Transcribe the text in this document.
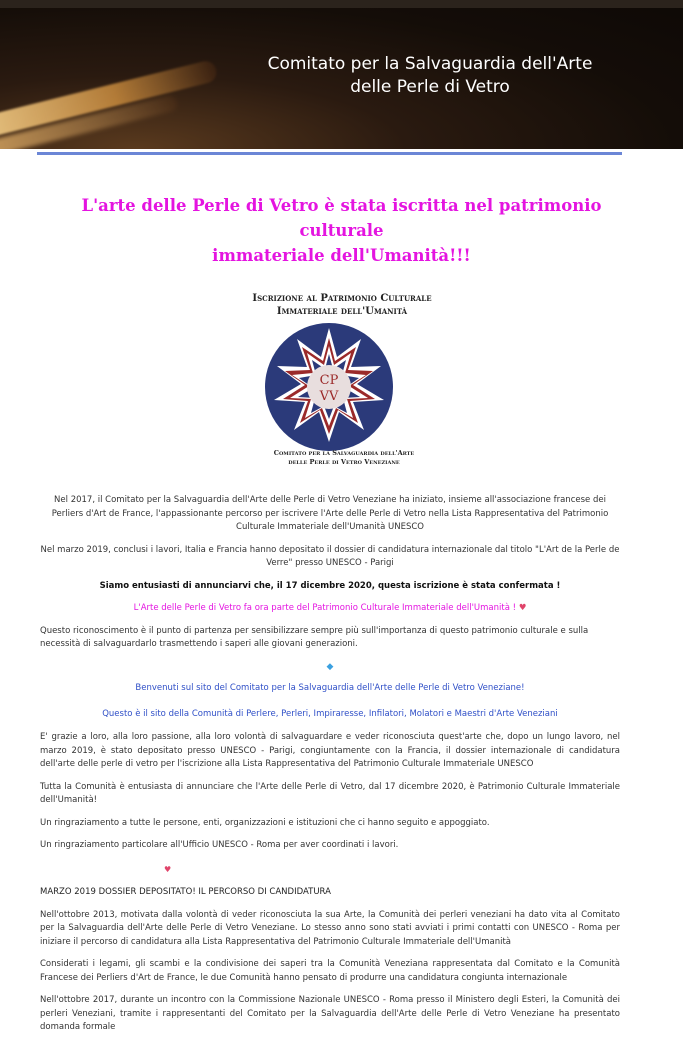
Comitato per la Salvaguardia dell'Arte
delle Perle di Vetro
L'arte delle Perle di Vetro è stata iscritta nel patrimonio culturale
immateriale dell'Umanità!!!
Iscrizione al Patrimonio Culturale
Immateriale dell'Umanità
CP
VV
Comitato per la Salvaguardia dell'Arte
delle Perle di Vetro Veneziane
Nel 2017, il Comitato per la Salvaguardia dell'Arte delle Perle di Vetro Veneziane ha iniziato, insieme all'associazione francese dei Perliers d'Art de France, l'appassionante percorso per iscrivere l'Arte delle Perle di Vetro nella Lista Rappresentativa del Patrimonio Culturale Immateriale dell'Umanità UNESCO
Nel marzo 2019, conclusi i lavori, Italia e Francia hanno depositato il dossier di candidatura internazionale dal titolo "L'Art de la Perle de Verre" presso UNESCO - Parigi
Siamo entusiasti di annunciarvi che, il 17 dicembre 2020, questa iscrizione è stata confermata !
L'Arte delle Perle di Vetro fa ora parte del Patrimonio Culturale Immateriale dell'Umanità ! ♥
Questo riconoscimento è il punto di partenza per sensibilizzare sempre più sull'importanza di questo patrimonio culturale e sulla necessità di salvaguardarlo trasmettendo i saperi alle giovani generazioni.
◆
Benvenuti sul sito del Comitato per la Salvaguardia dell'Arte delle Perle di Vetro Veneziane!
Questo è il sito della Comunità di Perlere, Perleri, Impiraresse, Infilatori, Molatori e Maestri d'Arte Veneziani
E' grazie a loro, alla loro passione, alla loro volontà di salvaguardare e veder riconosciuta quest'arte che, dopo un lungo lavoro, nel marzo 2019, è stato depositato presso UNESCO - Parigi, congiuntamente con la Francia, il dossier internazionale di candidatura dell'arte delle perle di vetro per l'iscrizione alla Lista Rappresentativa del Patrimonio Culturale Immateriale UNESCO
Tutta la Comunità è entusiasta di annunciare che l'Arte delle Perle di Vetro, dal 17 dicembre 2020, è Patrimonio Culturale Immateriale dell'Umanità!
Un ringraziamento a tutte le persone, enti, organizzazioni e istituzioni che ci hanno seguito e appoggiato.
Un ringraziamento particolare all'Ufficio UNESCO - Roma per aver coordinati i lavori.
♥
MARZO 2019 DOSSIER DEPOSITATO! IL PERCORSO DI CANDIDATURA
Nell'ottobre 2013, motivata dalla volontà di veder riconosciuta la sua Arte, la Comunità dei perleri veneziani ha dato vita al Comitato per la Salvaguardia dell'Arte delle Perle di Vetro Veneziane. Lo stesso anno sono stati avviati i primi contatti con UNESCO - Roma per iniziare il percorso di candidatura alla Lista Rappresentativa del Patrimonio Culturale Immateriale dell'Umanità
Considerati i legami, gli scambi e la condivisione dei saperi tra la Comunità Veneziana rappresentata dal Comitato e la Comunità Francese dei Perliers d'Art de France, le due Comunità hanno pensato di produrre una candidatura congiunta internazionale
Nell'ottobre 2017, durante un incontro con la Commissione Nazionale UNESCO - Roma presso il Ministero degli Esteri, la Comunità dei perleri Veneziani, tramite i rappresentanti del Comitato per la Salvaguardia dell'Arte delle Perle di Vetro Veneziane ha presentato domanda formale
